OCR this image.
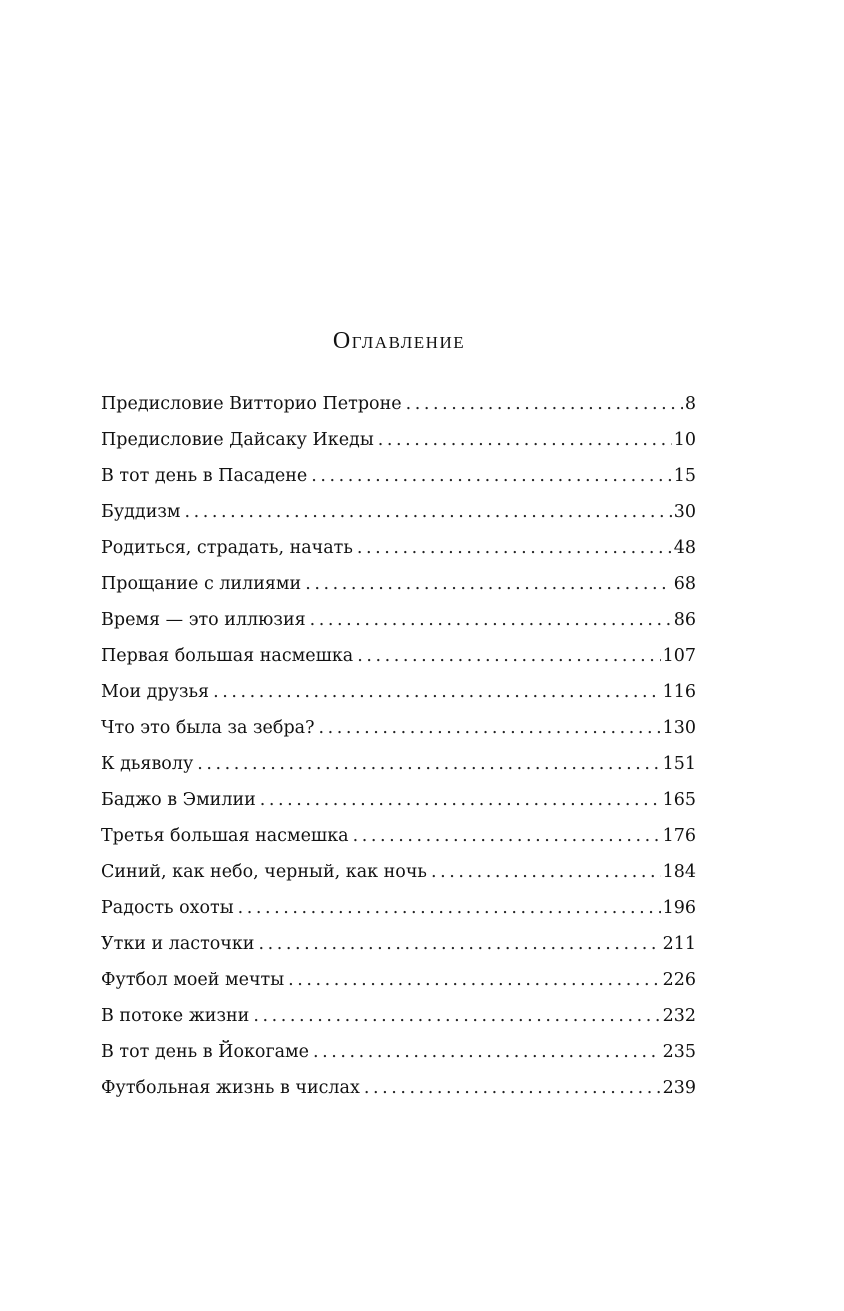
Оглавление
Предисловие Витторио Петроне . . .	8
Предисловие Дайсаку Икеды . . .	10
В тот день в Пасадене . . .	15
Буддизм . . .	30
Родиться, страдать, начать . . .	48
Прощание с лилиями . . .	68
Время — это иллюзия . . .	86
Первая большая насмешка . . .	107
Мои друзья . . .	116
Что это была за зебра? . . .	130
К дьяволу . . .	151
Баджо в Эмилии . . .	165
Третья большая насмешка . . .	176
Синий, как небо, черный, как ночь . . .	184
Радость охоты . . .	196
Утки и ласточки . . .	211
Футбол моей мечты . . .	226
В потоке жизни . . .	232
В тот день в Йокогаме . . .	235
Футбольная жизнь в числах . . .	239
